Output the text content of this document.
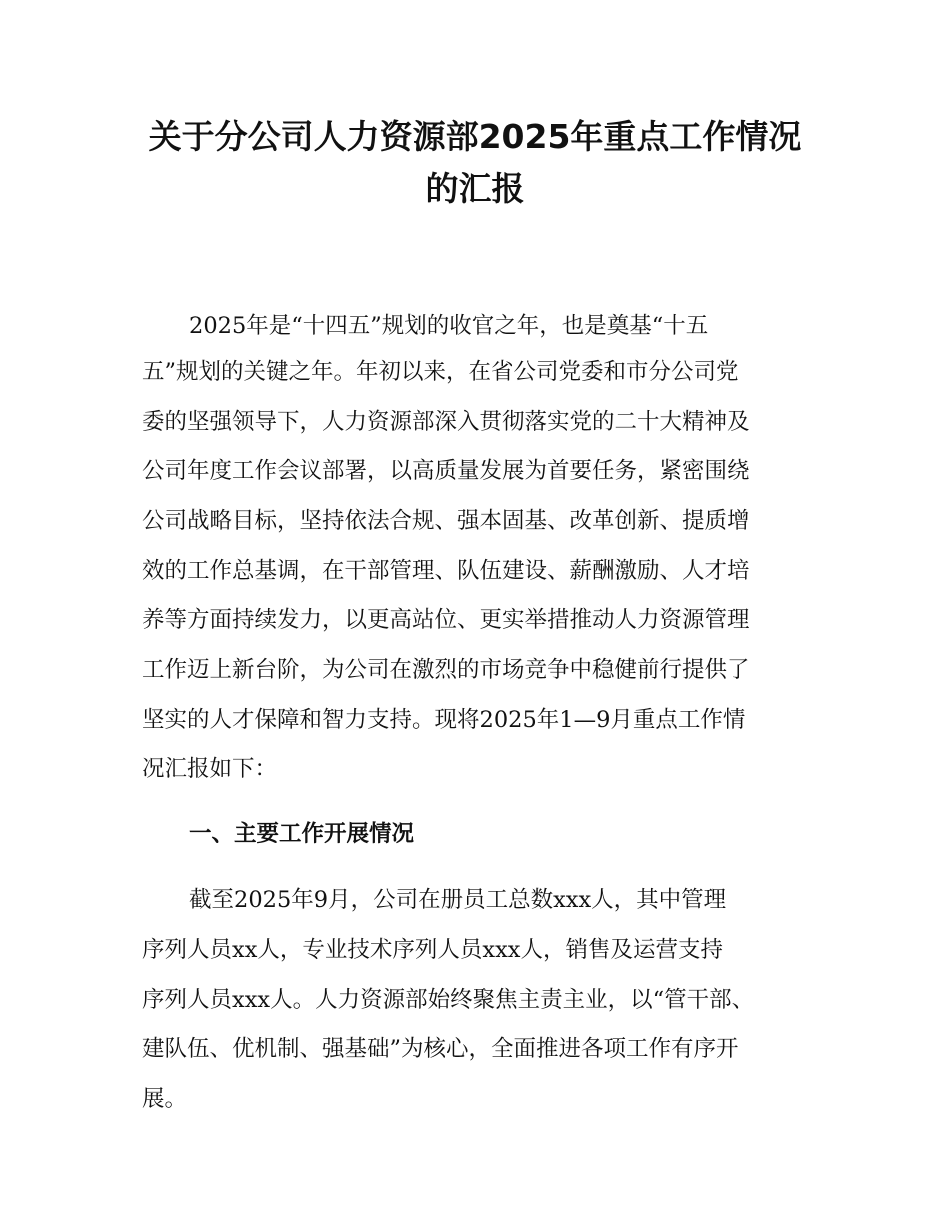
关于分公司人力资源部2025年重点工作情况
的汇报

2025年是“十四五”规划的收官之年，也是奠基“十五

五”规划的关键之年。年初以来，在省公司党委和市分公司党

委的坚强领导下，人力资源部深入贯彻落实党的二十大精神及

公司年度工作会议部署，以高质量发展为首要任务，紧密围绕

公司战略目标，坚持依法合规、强本固基、改革创新、提质增

效的工作总基调，在干部管理、队伍建设、薪酬激励、人才培

养等方面持续发力，以更高站位、更实举措推动人力资源管理

工作迈上新台阶，为公司在激烈的市场竞争中稳健前行提供了

坚实的人才保障和智力支持。现将2025年1—9月重点工作情

况汇报如下：

一、主要工作开展情况

截至2025年9月，公司在册员工总数xxx人，其中管理

序列人员xx人，专业技术序列人员xxx人，销售及运营支持

序列人员xxx人。人力资源部始终聚焦主责主业，以“管干部、

建队伍、优机制、强基础”为核心，全面推进各项工作有序开

展。
